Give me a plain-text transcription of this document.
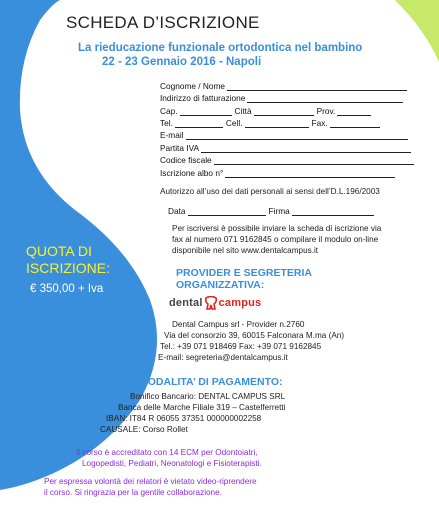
SCHEDA D’ISCRIZIONE
La rieducazione funzionale ortodontica nel bambino
22 - 23 Gennaio 2016 - Napoli
Cognome / Nome
Indirizzo di fatturazione
Cap.	Città	Prov.
Tel.	Cell.	Fax.
E-mail
Partita IVA
Codice fiscale
Iscrizione albo n°
Autorizzo all’uso dei dati personali ai sensi dell’D.L.196/2003
Data	Firma
Per iscriversi è possibile inviare la scheda di iscrizione via
fax al numero 071 9162845 o compilare il modulo on-line
disponibile nel sito www.dentalcampus.it
QUOTA DI
ISCRIZIONE:
€ 350,00 + Iva
PROVIDER E SEGRETERIA
ORGANIZZATIVA:
dental campus
Dental Campus srl - Provider n.2760
Via del consorzio 39, 60015 Falconara M.ma (An)
Tel.: +39 071 918469 Fax: +39 071 9162845
E-mail: segreteria@dentalcampus.it
MODALITA’ DI PAGAMENTO:
Bonifico Bancario: DENTAL CAMPUS SRL
Banca delle Marche Filiale 319 – Castelferretti
IBAN: IT84 R 06055 37351 000000002258
CAUSALE: Corso Rollet
Il corso è accreditato con 14 ECM per Odontoiatri,
Logopedisti, Pediatri, Neonatologi e Fisioterapisti.
Per espressa volontà dei relatori è vietato video-riprendere
il corso. Si ringrazia per la gentile collaborazione.
